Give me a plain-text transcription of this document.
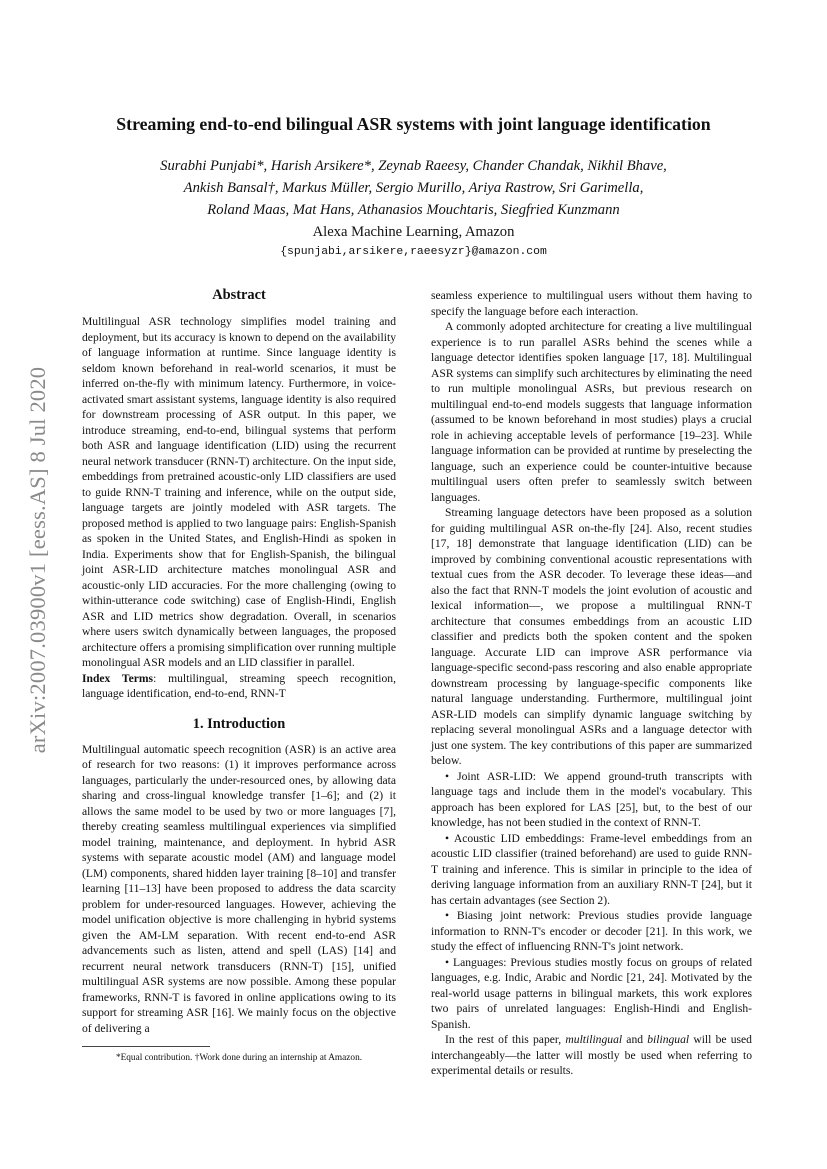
arXiv:2007.03900v1 [eess.AS] 8 Jul 2020
Streaming end-to-end bilingual ASR systems with joint language identification
Surabhi Punjabi*, Harish Arsikere*, Zeynab Raeesy, Chander Chandak, Nikhil Bhave,
Ankish Bansal†, Markus Müller, Sergio Murillo, Ariya Rastrow, Sri Garimella,
Roland Maas, Mat Hans, Athanasios Mouchtaris, Siegfried Kunzmann
Alexa Machine Learning, Amazon
{spunjabi,arsikere,raeesyzr}@amazon.com
Abstract

Multilingual ASR technology simplifies model training and deployment, but its accuracy is known to depend on the availability of language information at runtime. Since language identity is seldom known beforehand in real-world scenarios, it must be inferred on-the-fly with minimum latency. Furthermore, in voice-activated smart assistant systems, language identity is also required for downstream processing of ASR output. In this paper, we introduce streaming, end-to-end, bilingual systems that perform both ASR and language identification (LID) using the recurrent neural network transducer (RNN-T) architecture. On the input side, embeddings from pretrained acoustic-only LID classifiers are used to guide RNN-T training and inference, while on the output side, language targets are jointly modeled with ASR targets. The proposed method is applied to two language pairs: English-Spanish as spoken in the United States, and English-Hindi as spoken in India. Experiments show that for English-Spanish, the bilingual joint ASR-LID architecture matches monolingual ASR and acoustic-only LID accuracies. For the more challenging (owing to within-utterance code switching) case of English-Hindi, English ASR and LID metrics show degradation. Overall, in scenarios where users switch dynamically between languages, the proposed architecture offers a promising simplification over running multiple monolingual ASR models and an LID classifier in parallel.

Index Terms: multilingual, streaming speech recognition, language identification, end-to-end, RNN-T

1. Introduction

Multilingual automatic speech recognition (ASR) is an active area of research for two reasons: (1) it improves performance across languages, particularly the under-resourced ones, by allowing data sharing and cross-lingual knowledge transfer [1–6]; and (2) it allows the same model to be used by two or more languages [7], thereby creating seamless multilingual experiences via simplified model training, maintenance, and deployment. In hybrid ASR systems with separate acoustic model (AM) and language model (LM) components, shared hidden layer training [8–10] and transfer learning [11–13] have been proposed to address the data scarcity problem for under-resourced languages. However, achieving the model unification objective is more challenging in hybrid systems given the AM-LM separation. With recent end-to-end ASR advancements such as listen, attend and spell (LAS) [14] and recurrent neural network transducers (RNN-T) [15], unified multilingual ASR systems are now possible. Among these popular frameworks, RNN-T is favored in online applications owing to its support for streaming ASR [16]. We mainly focus on the objective of delivering a

*Equal contribution. †Work done during an internship at Amazon.

seamless experience to multilingual users without them having to specify the language before each interaction.

A commonly adopted architecture for creating a live multilingual experience is to run parallel ASRs behind the scenes while a language detector identifies spoken language [17, 18]. Multilingual ASR systems can simplify such architectures by eliminating the need to run multiple monolingual ASRs, but previous research on multilingual end-to-end models suggests that language information (assumed to be known beforehand in most studies) plays a crucial role in achieving acceptable levels of performance [19–23]. While language information can be provided at runtime by preselecting the language, such an experience could be counter-intuitive because multilingual users often prefer to seamlessly switch between languages.

Streaming language detectors have been proposed as a solution for guiding multilingual ASR on-the-fly [24]. Also, recent studies [17, 18] demonstrate that language identification (LID) can be improved by combining conventional acoustic representations with textual cues from the ASR decoder. To leverage these ideas—and also the fact that RNN-T models the joint evolution of acoustic and lexical information—, we propose a multilingual RNN-T architecture that consumes embeddings from an acoustic LID classifier and predicts both the spoken content and the spoken language. Accurate LID can improve ASR performance via language-specific second-pass rescoring and also enable appropriate downstream processing by language-specific components like natural language understanding. Furthermore, multilingual joint ASR-LID models can simplify dynamic language switching by replacing several monolingual ASRs and a language detector with just one system. The key contributions of this paper are summarized below.

• Joint ASR-LID: We append ground-truth transcripts with language tags and include them in the model's vocabulary. This approach has been explored for LAS [25], but, to the best of our knowledge, has not been studied in the context of RNN-T.

• Acoustic LID embeddings: Frame-level embeddings from an acoustic LID classifier (trained beforehand) are used to guide RNN-T training and inference. This is similar in principle to the idea of deriving language information from an auxiliary RNN-T [24], but it has certain advantages (see Section 2).

• Biasing joint network: Previous studies provide language information to RNN-T's encoder or decoder [21]. In this work, we study the effect of influencing RNN-T's joint network.

• Languages: Previous studies mostly focus on groups of related languages, e.g. Indic, Arabic and Nordic [21, 24]. Motivated by the real-world usage patterns in bilingual markets, this work explores two pairs of unrelated languages: English-Hindi and English-Spanish.

In the rest of this paper, multilingual and bilingual will be used interchangeably—the latter will mostly be used when referring to experimental details or results.
